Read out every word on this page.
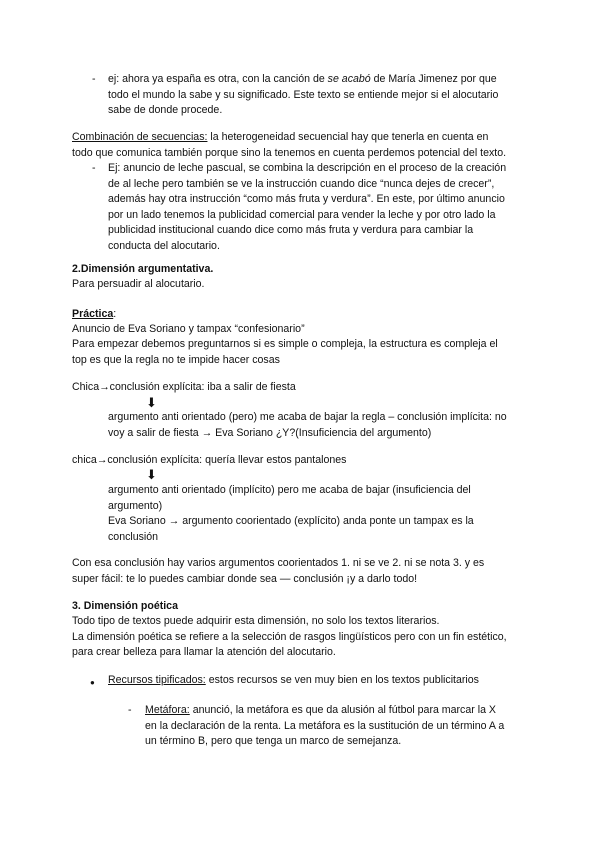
- ej: ahora ya españa es otra, con la canción de se acabó de María Jimenez por que
todo el mundo la sabe y su significado. Este texto se entiende mejor si el alocutario
sabe de donde procede.
Combinación de secuencias: la heterogeneidad secuencial hay que tenerla en cuenta en
todo que comunica también porque sino la tenemos en cuenta perdemos potencial del texto.
- Ej: anuncio de leche pascual, se combina la descripción en el proceso de la creación
de al leche pero también se ve la instrucción cuando dice “nunca dejes de crecer”,
además hay otra instrucción “como más fruta y verdura”. En este, por último anuncio
por un lado tenemos la publicidad comercial para vender la leche y por otro lado la
publicidad institucional cuando dice como más fruta y verdura para cambiar la
conducta del alocutario.
2.Dimensión argumentativa.
Para persuadir al alocutario.
Práctica:
Anuncio de Eva Soriano y tampax “confesionario”
Para empezar debemos preguntarnos si es simple o compleja, la estructura es compleja el
top es que la regla no te impide hacer cosas
Chica→conclusión explícita: iba a salir de fiesta
⬇
argumento anti orientado (pero) me acaba de bajar la regla – conclusión implícita: no
voy a salir de fiesta → Eva Soriano ¿Y?(Insuficiencia del argumento)
chica→conclusión explícita: quería llevar estos pantalones
⬇
argumento anti orientado (implícito) pero me acaba de bajar (insuficiencia del
argumento)
Eva Soriano → argumento coorientado (explícito) anda ponte un tampax es la
conclusión
Con esa conclusión hay varios argumentos coorientados 1. ni se ve 2. ni se nota 3. y es
super fácil: te lo puedes cambiar donde sea — conclusión ¡y a darlo todo!
3. Dimensión poética
Todo tipo de textos puede adquirir esta dimensión, no solo los textos literarios.
La dimensión poética se refiere a la selección de rasgos lingüísticos pero con un fin estético,
para crear belleza para llamar la atención del alocutario.
● Recursos tipificados: estos recursos se ven muy bien en los textos publicitarios
- Metáfora: anunció, la metáfora es que da alusión al fútbol para marcar la X
en la declaración de la renta. La metáfora es la sustitución de un término A a
un término B, pero que tenga un marco de semejanza.
